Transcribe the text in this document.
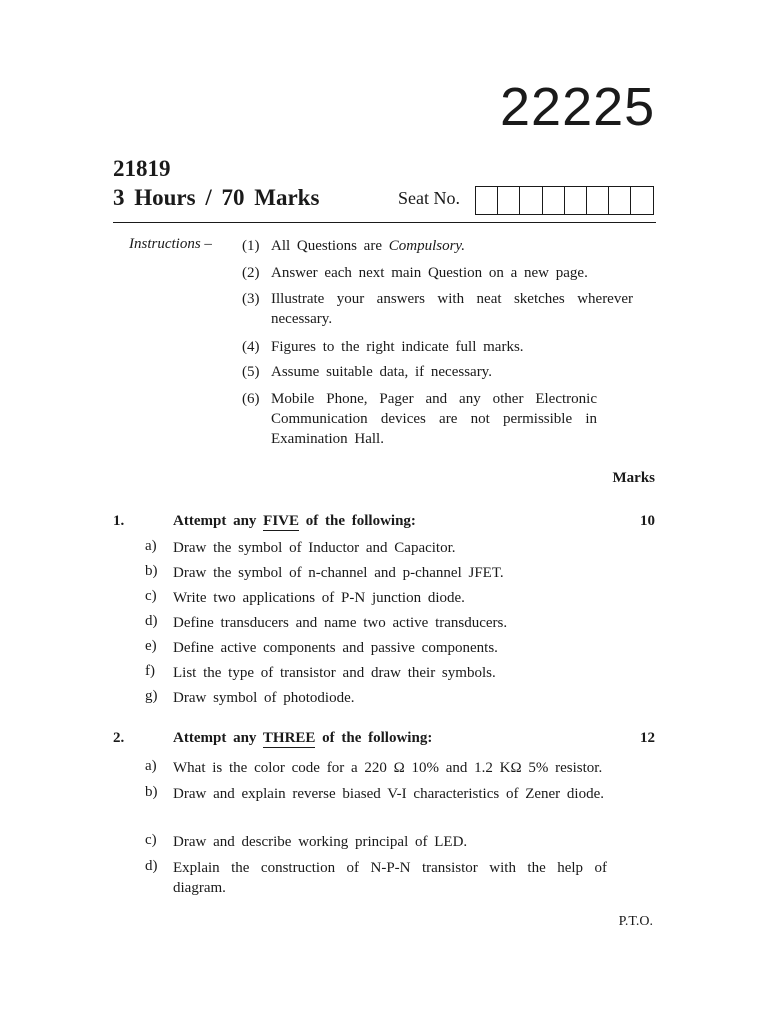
22225
21819
3 Hours / 70 Marks	Seat No.
Instructions – (1) All Questions are Compulsory.
(2) Answer each next main Question on a new page.
(3) Illustrate your answers with neat sketches wherever necessary.
(4) Figures to the right indicate full marks.
(5) Assume suitable data, if necessary.
(6) Mobile Phone, Pager and any other Electronic Communication devices are not permissible in Examination Hall.
Marks
1.	Attempt any FIVE of the following:	10
a) Draw the symbol of Inductor and Capacitor.
b) Draw the symbol of n-channel and p-channel JFET.
c) Write two applications of P-N junction diode.
d) Define transducers and name two active transducers.
e) Define active components and passive components.
f) List the type of transistor and draw their symbols.
g) Draw symbol of photodiode.
2.	Attempt any THREE of the following:	12
a) What is the color code for a 220 Ω 10% and 1.2 KΩ 5% resistor.
b) Draw and explain reverse biased V-I characteristics of Zener diode.
c) Draw and describe working principal of LED.
d) Explain the construction of N-P-N transistor with the help of diagram.
P.T.O.
